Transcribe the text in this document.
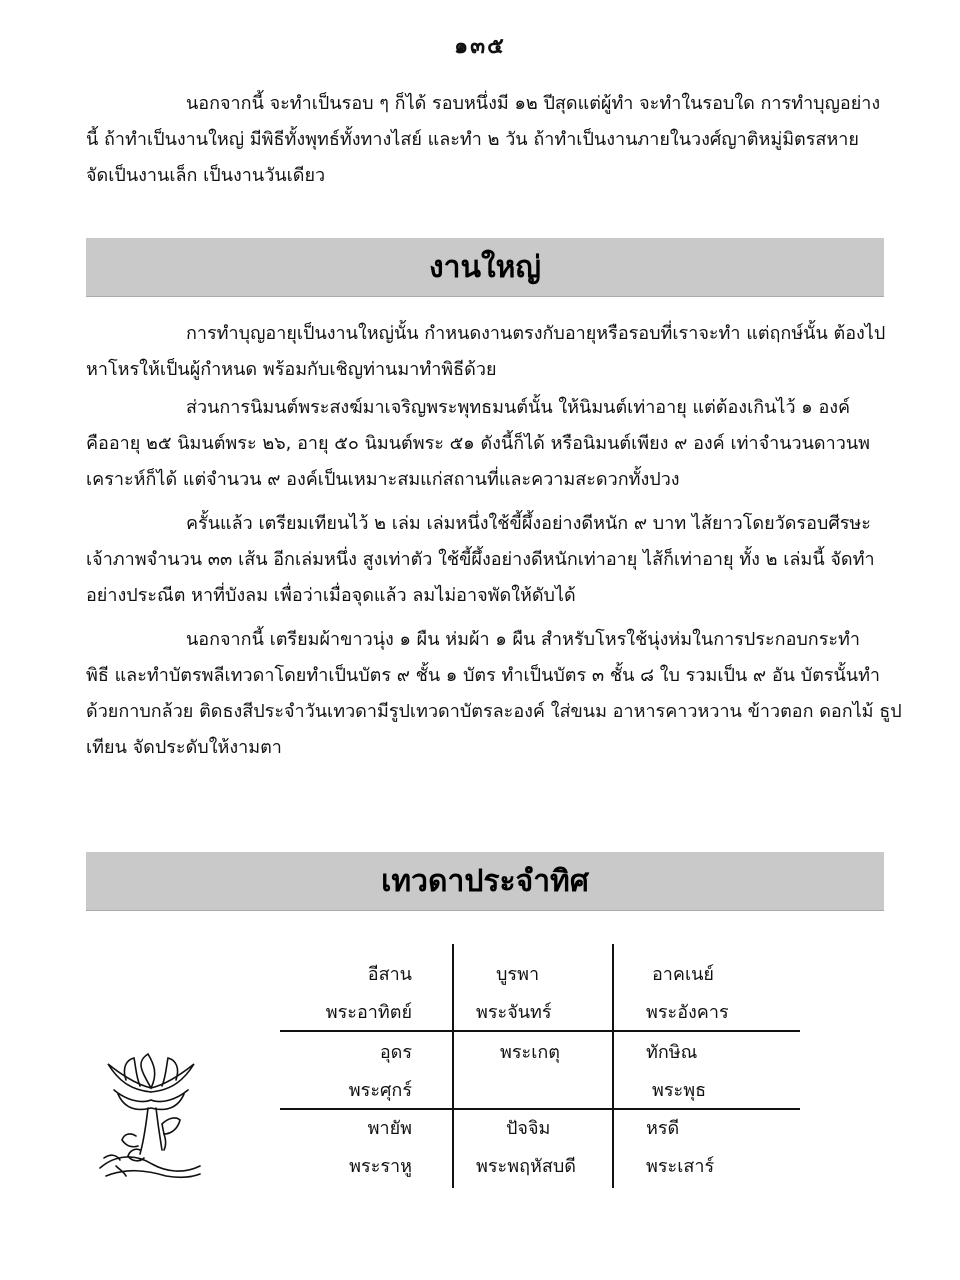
๑๓๕

นอกจากนี้ จะทำเป็นรอบ ๆ ก็ได้ รอบหนึ่งมี ๑๒ ปีสุดแต่ผู้ทำ จะทำในรอบใด การทำบุญอย่าง
นี้ ถ้าทำเป็นงานใหญ่ มีพิธีทั้งพุทธ์ทั้งทางไสย์ และทำ ๒ วัน ถ้าทำเป็นงานภายในวงศ์ญาติหมู่มิตรสหาย
จัดเป็นงานเล็ก เป็นงานวันเดียว

งานใหญ่

การทำบุญอายุเป็นงานใหญ่นั้น กำหนดงานตรงกับอายุหรือรอบที่เราจะทำ แต่ฤกษ์นั้น ต้องไป
หาโหรให้เป็นผู้กำหนด พร้อมกับเชิญท่านมาทำพิธีด้วย

ส่วนการนิมนต์พระสงฆ์มาเจริญพระพุทธมนต์นั้น ให้นิมนต์เท่าอายุ แต่ต้องเกินไว้ ๑ องค์
คืออายุ ๒๕ นิมนต์พระ ๒๖, อายุ ๕๐ นิมนต์พระ ๕๑ ดังนี้ก็ได้ หรือนิมนต์เพียง ๙ องค์ เท่าจำนวนดาวนพ
เคราะห์ก็ได้ แต่จำนวน ๙ องค์เป็นเหมาะสมแก่สถานที่และความสะดวกทั้งปวง

ครั้นแล้ว เตรียมเทียนไว้ ๒ เล่ม เล่มหนึ่งใช้ขี้ผึ้งอย่างดีหนัก ๙ บาท ไส้ยาวโดยวัดรอบศีรษะ
เจ้าภาพจำนวน ๓๓ เส้น อีกเล่มหนึ่ง สูงเท่าตัว ใช้ขี้ผึ้งอย่างดีหนักเท่าอายุ ไส้ก็เท่าอายุ ทั้ง ๒ เล่มนี้ จัดทำ
อย่างประณีต หาที่บังลม เพื่อว่าเมื่อจุดแล้ว ลมไม่อาจพัดให้ดับได้

นอกจากนี้ เตรียมผ้าขาวนุ่ง ๑ ผืน ห่มผ้า ๑ ผืน สำหรับโหรใช้นุ่งห่มในการประกอบกระทำ
พิธี และทำบัตรพลีเทวดาโดยทำเป็นบัตร ๙ ชั้น ๑ บัตร ทำเป็นบัตร ๓ ชั้น ๘ ใบ รวมเป็น ๙ อัน บัตรนั้นทำ
ด้วยกาบกล้วย ติดธงสีประจำวันเทวดามีรูปเทวดาบัตรละองค์ ใส่ขนม อาหารคาวหวาน ข้าวตอก ดอกไม้ ธูป
เทียน จัดประดับให้งามตา

เทวดาประจำทิศ
อีสาน
พระอาทิตย์
บูรพา
พระจันทร์
อาคเนย์
พระอังคาร
อุดร
พระศุกร์
พระเกตุ	ทักษิณ
พระพุธ
พายัพ
พระราหู
ปัจจิม
พระพฤหัสบดี
หรดี
พระเสาร์
